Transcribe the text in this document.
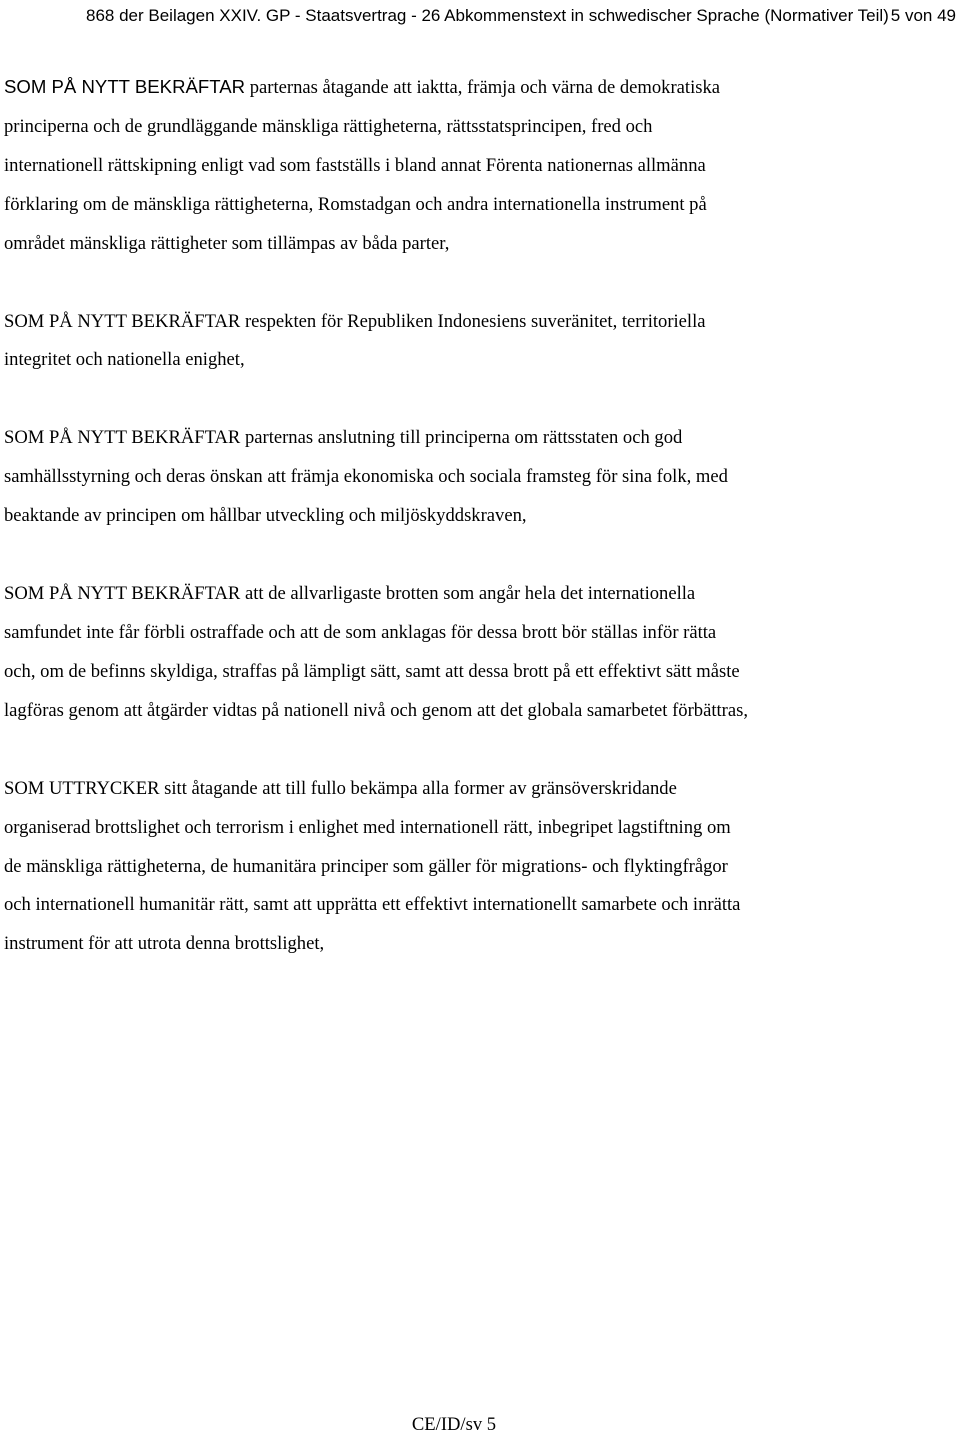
868 der Beilagen XXIV. GP - Staatsvertrag - 26 Abkommenstext in schwedischer Sprache (Normativer Teil) 5 von 49

SOM PÅ NYTT BEKRÄFTAR parternas åtagande att iaktta, främja och värna de demokratiska
principerna och de grundläggande mänskliga rättigheterna, rättsstatsprincipen, fred och
internationell rättskipning enligt vad som fastställs i bland annat Förenta nationernas allmänna
förklaring om de mänskliga rättigheterna, Romstadgan och andra internationella instrument på
området mänskliga rättigheter som tillämpas av båda parter,

SOM PÅ NYTT BEKRÄFTAR respekten för Republiken Indonesiens suveränitet, territoriella
integritet och nationella enighet,

SOM PÅ NYTT BEKRÄFTAR parternas anslutning till principerna om rättsstaten och god
samhällsstyrning och deras önskan att främja ekonomiska och sociala framsteg för sina folk, med
beaktande av principen om hållbar utveckling och miljöskyddskraven,

SOM PÅ NYTT BEKRÄFTAR att de allvarligaste brotten som angår hela det internationella
samfundet inte får förbli ostraffade och att de som anklagas för dessa brott bör ställas inför rätta
och, om de befinns skyldiga, straffas på lämpligt sätt, samt att dessa brott på ett effektivt sätt måste
lagföras genom att åtgärder vidtas på nationell nivå och genom att det globala samarbetet förbättras,

SOM UTTRYCKER sitt åtagande att till fullo bekämpa alla former av gränsöverskridande
organiserad brottslighet och terrorism i enlighet med internationell rätt, inbegripet lagstiftning om
de mänskliga rättigheterna, de humanitära principer som gäller för migrations- och flyktingfrågor
och internationell humanitär rätt, samt att upprätta ett effektivt internationellt samarbete och inrätta
instrument för att utrota denna brottslighet,

CE/ID/sv 5
